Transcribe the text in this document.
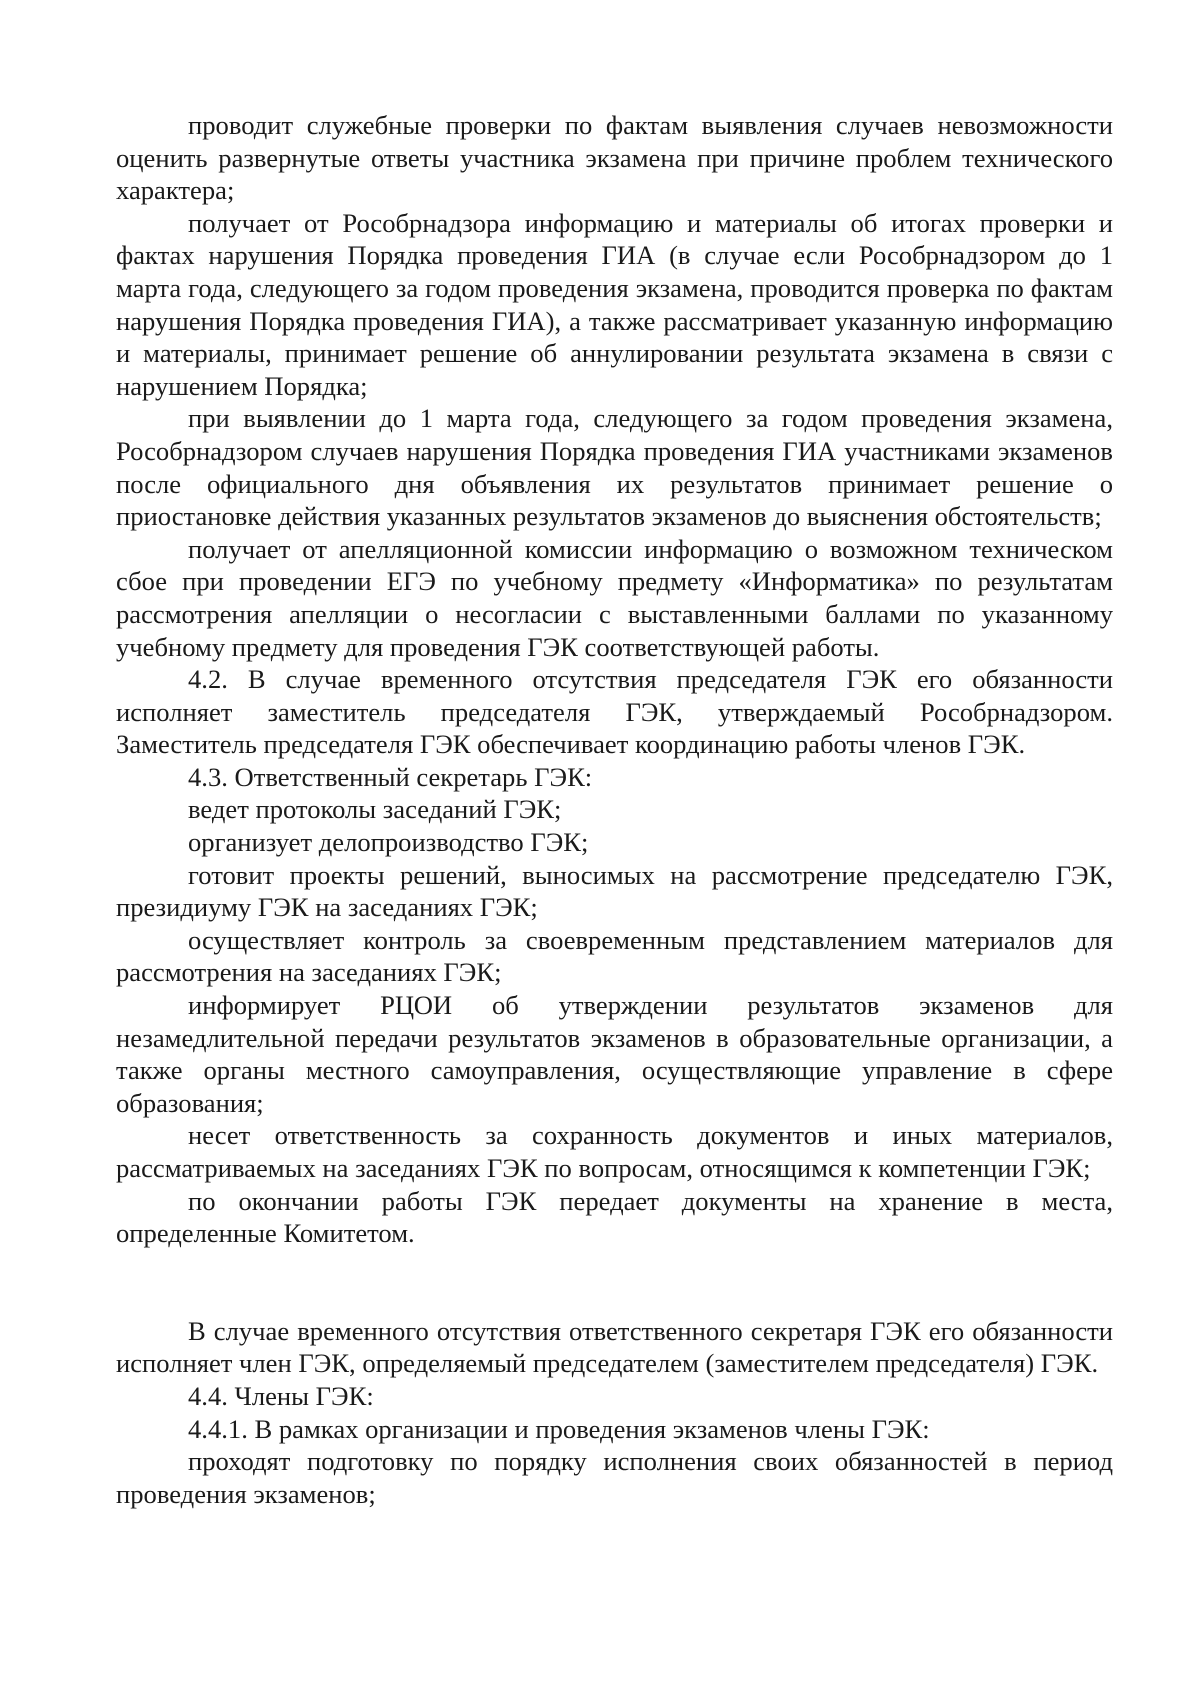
проводит служебные проверки по фактам выявления случаев невозможности оценить развернутые ответы участника экзамена при причине проблем технического характера;

получает от Рособрнадзора информацию и материалы об итогах проверки и фактах нарушения Порядка проведения ГИА (в случае если Рособрнадзором до 1 марта года, следующего за годом проведения экзамена, проводится проверка по фактам нарушения Порядка проведения ГИА), а также рассматривает указанную информацию и материалы, принимает решение об аннулировании результата экзамена в связи с нарушением Порядка;

при выявлении до 1 марта года, следующего за годом проведения экзамена, Рособрнадзором случаев нарушения Порядка проведения ГИА участниками экзаменов после официального дня объявления их результатов принимает решение о приостановке действия указанных результатов экзаменов до выяснения обстоятельств;

получает от апелляционной комиссии информацию о возможном техническом сбое при проведении ЕГЭ по учебному предмету «Информатика» по результатам рассмотрения апелляции о несогласии с выставленными баллами по указанному учебному предмету для проведения ГЭК соответствующей работы.

4.2. В случае временного отсутствия председателя ГЭК его обязанности исполняет заместитель председателя ГЭК, утверждаемый Рособрнадзором. Заместитель председателя ГЭК обеспечивает координацию работы членов ГЭК.

4.3. Ответственный секретарь ГЭК:

ведет протоколы заседаний ГЭК;

организует делопроизводство ГЭК;

готовит проекты решений, выносимых на рассмотрение председателю ГЭК, президиуму ГЭК на заседаниях ГЭК;

осуществляет контроль за своевременным представлением материалов для рассмотрения на заседаниях ГЭК;

информирует РЦОИ об утверждении результатов экзаменов для незамедлительной передачи результатов экзаменов в образовательные организации, а также органы местного самоуправления, осуществляющие управление в сфере образования;

несет ответственность за сохранность документов и иных материалов, рассматриваемых на заседаниях ГЭК по вопросам, относящимся к компетенции ГЭК;

по окончании работы ГЭК передает документы на хранение в места, определенные Комитетом.

В случае временного отсутствия ответственного секретаря ГЭК его обязанности исполняет член ГЭК, определяемый председателем (заместителем председателя) ГЭК.

4.4. Члены ГЭК:

4.4.1. В рамках организации и проведения экзаменов члены ГЭК:

проходят подготовку по порядку исполнения своих обязанностей в период проведения экзаменов;
